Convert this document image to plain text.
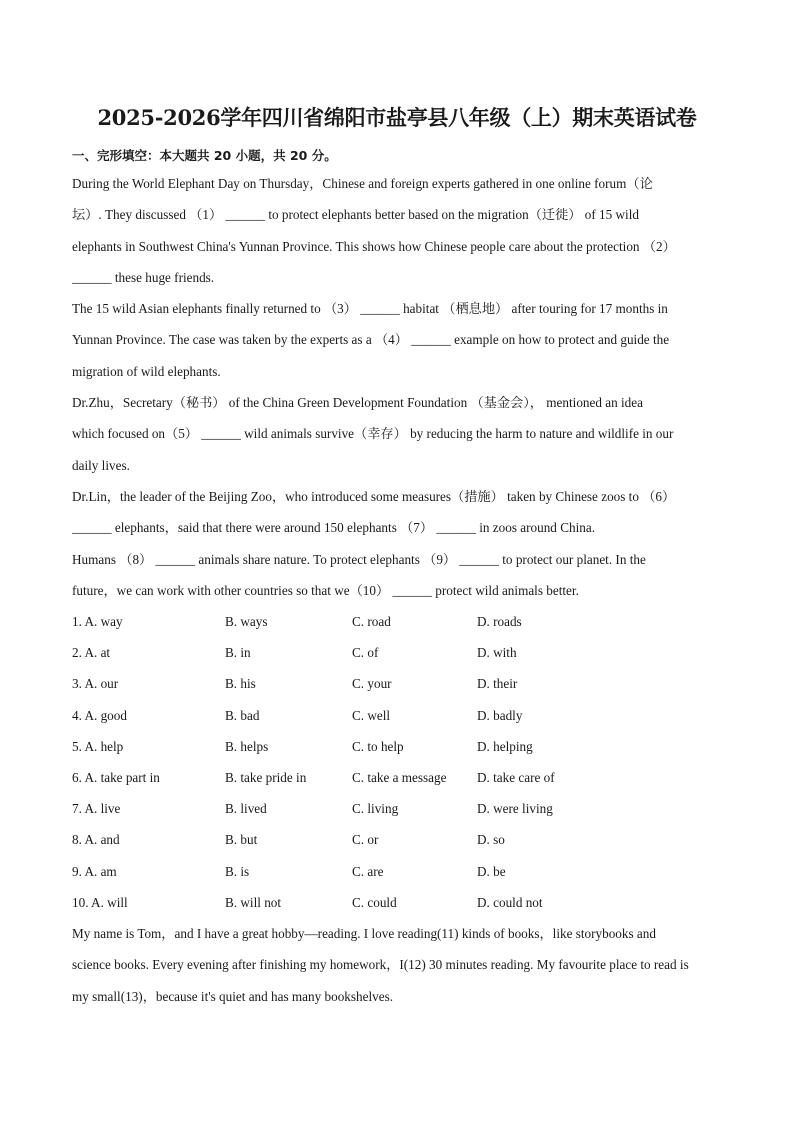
2025-2026学年四川省绵阳市盐亭县八年级（上）期末英语试卷
一、完形填空：本大题共 20 小题，共 20 分。
During the World Elephant Day on Thursday，Chinese and foreign experts gathered in one online forum（论
坛）. They discussed （1） ______ to protect elephants better based on the migration（迁徙） of 15 wild
elephants in Southwest China's Yunnan Province. This shows how Chinese people care about the protection （2）
______ these huge friends.
The 15 wild Asian elephants finally returned to （3） ______ habitat （栖息地） after touring for 17 months in
Yunnan Province. The case was taken by the experts as a （4） ______ example on how to protect and guide the
migration of wild elephants.
Dr.Zhu，Secretary（秘书） of the China Green Development Foundation （基金会）， mentioned an idea
which focused on（5） ______ wild animals survive（幸存） by reducing the harm to nature and wildlife in our
daily lives.
Dr.Lin，the leader of the Beijing Zoo，who introduced some measures（措施） taken by Chinese zoos to （6）
______ elephants，said that there were around 150 elephants （7） ______ in zoos around China.
Humans （8） ______ animals share nature. To protect elephants （9） ______ to protect our planet. In the
future，we can work with other countries so that we（10） ______ protect wild animals better.
1. A. way	B. ways	C. road	D. roads
2. A. at	B. in	C. of	D. with
3. A. our	B. his	C. your	D. their
4. A. good	B. bad	C. well	D. badly
5. A. help	B. helps	C. to help	D. helping
6. A. take part in	B. take pride in	C. take a message D. take care of
7. A. live	B. lived	C. living	D. were living
8. A. and	B. but	C. or	D. so
9. A. am	B. is	C. are	D. be
10. A. will	B. will not	C. could	D. could not
My name is Tom，and I have a great hobby—reading. I love reading(11) kinds of books，like storybooks and
science books. Every evening after finishing my homework，I(12) 30 minutes reading. My favourite place to read is
my small(13)，because it's quiet and has many bookshelves.
